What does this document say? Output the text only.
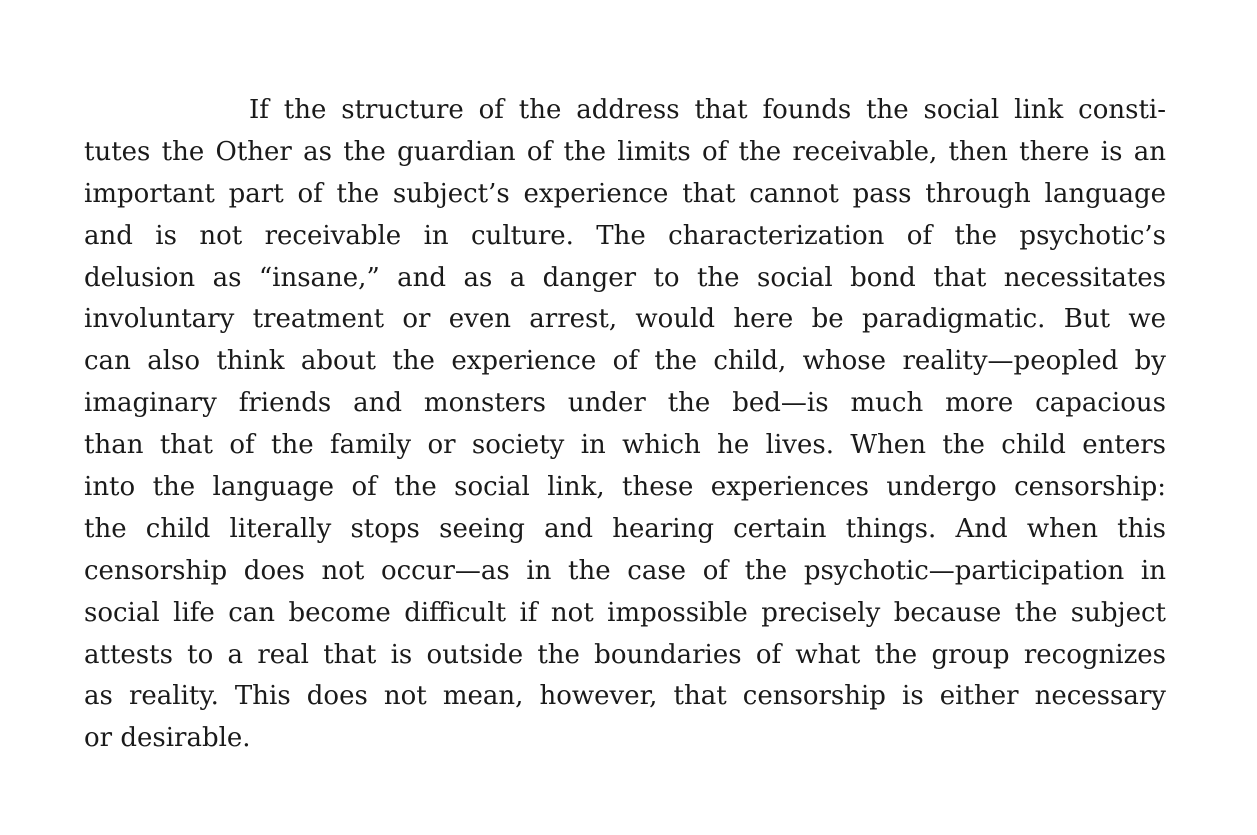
If the structure of the address that founds the social link consti-
tutes the Other as the guardian of the limits of the receivable, then there is an
important part of the subject’s experience that cannot pass through language
and is not receivable in culture. The characterization of the psychotic’s
delusion as “insane,” and as a danger to the social bond that necessitates
involuntary treatment or even arrest, would here be paradigmatic. But we
can also think about the experience of the child, whose reality—peopled by
imaginary friends and monsters under the bed—is much more capacious
than that of the family or society in which he lives. When the child enters
into the language of the social link, these experiences undergo censorship:
the child literally stops seeing and hearing certain things. And when this
censorship does not occur—as in the case of the psychotic—participation in
social life can become difficult if not impossible precisely because the subject
attests to a real that is outside the boundaries of what the group recognizes
as reality. This does not mean, however, that censorship is either necessary
or desirable.
